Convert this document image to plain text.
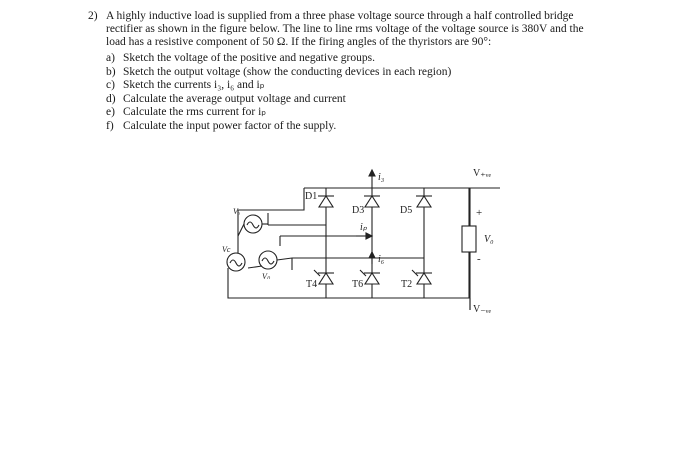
2) A highly inductive load is supplied from a three phase voltage source through a half controlled bridge
rectifier as shown in the figure below. The line to line rms voltage of the voltage source is 380V and the
load has a resistive component of 50 Ω. If the firing angles of the thyristors are 90°:
a) Sketch the voltage of the positive and negative groups.
b) Sketch the output voltage (show the conducting devices in each region)
c) Sketch the currents i₃, i₆ and iₚ
d) Calculate the average output voltage and current
e) Calculate the rms current for iₚ
f) Calculate the input power factor of the supply.
D1
D3	D5
T4	T6	T2
i₃
i₆
iₚ
V₊ᵥₑ
V₋ᵥₑ
V₀
+
-
Vₐ
Vₙ
Vc
